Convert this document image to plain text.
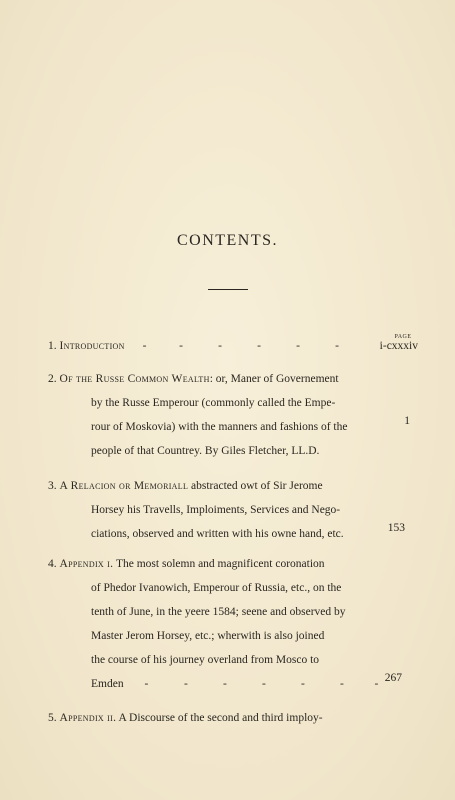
CONTENTS.
PAGE
1. Introduction -	-	-	-	-	-	i-cxxxiv
2. Of the Russe Common Wealth: or, Maner of Governement
by the Russe Emperour (commonly called the Empe-
rour of Moskovia) with the manners and fashions of the
people of that Countrey. By Giles Fletcher, LL.D.
1
3. A Relacion or Memoriall abstracted owt of Sir Jerome
Horsey his Travells, Imploiments, Services and Nego-
ciations, observed and written with his owne hand, etc.	153
4. Appendix i. The most solemn and magnificent coronation
of Phedor Ivanowich, Emperour of Russia, etc., on the
tenth of June, in the yeere 1584; seene and observed by
Master Jerom Horsey, etc.; wherwith is also joined
the course of his journey overland from Mosco to
Emden -	-	-	-	-	-	- 267
5. Appendix ii. A Discourse of the second and third imploy-
